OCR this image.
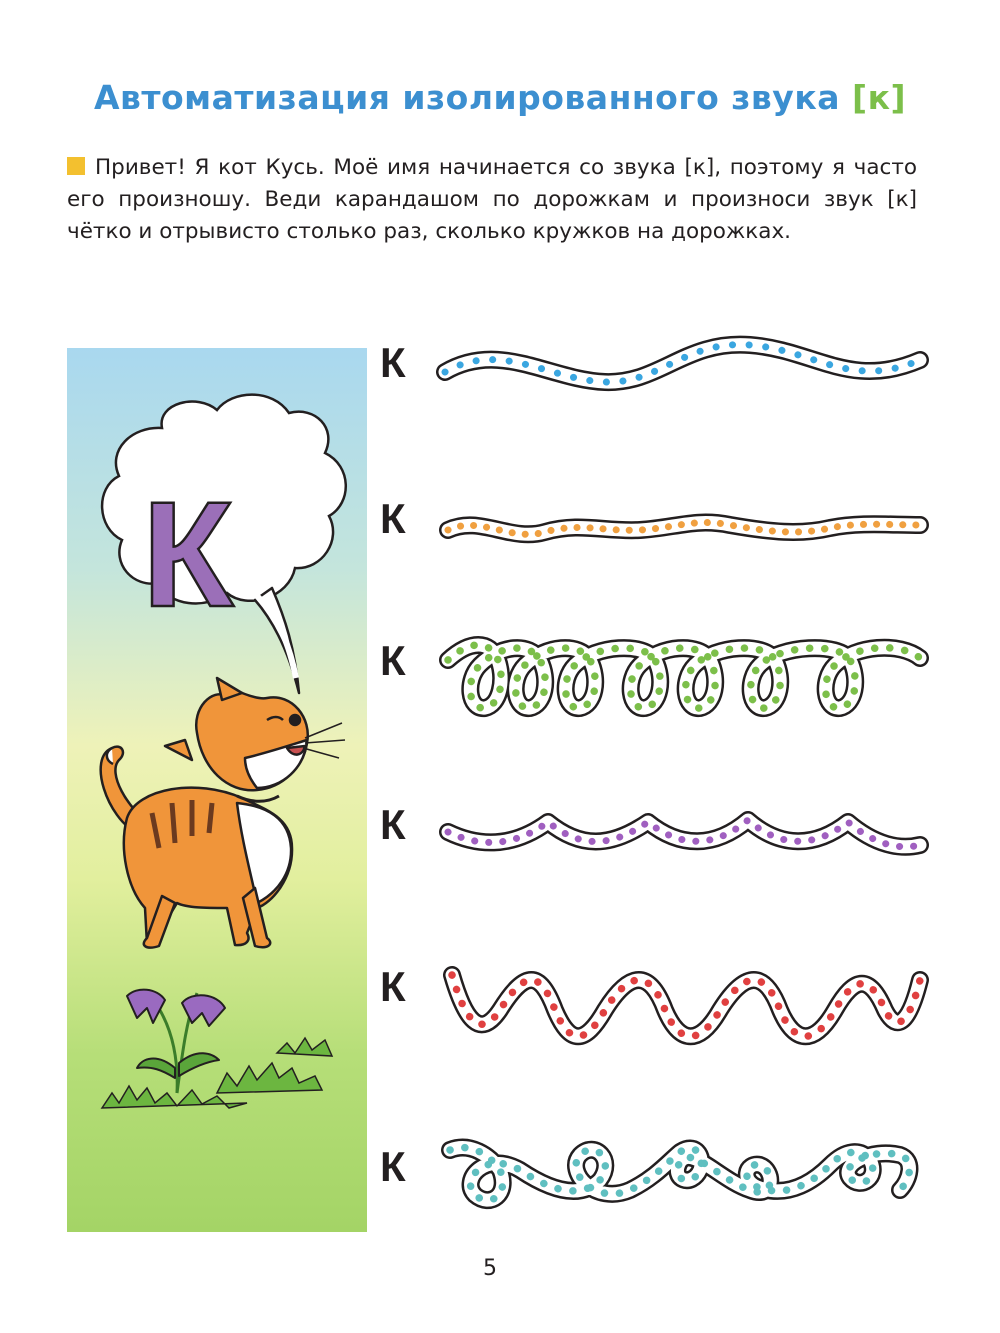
Автоматизация изолированного звука [к]
Привет! Я кот Кусь. Моё имя начинается со звука [к], поэтому я часто его произношу. Веди карандашом по дорожкам и произноси звук [к] чётко и отрывисто столько раз, сколько кружков на дорожках.
К
К
К
К
К
К
К
5
